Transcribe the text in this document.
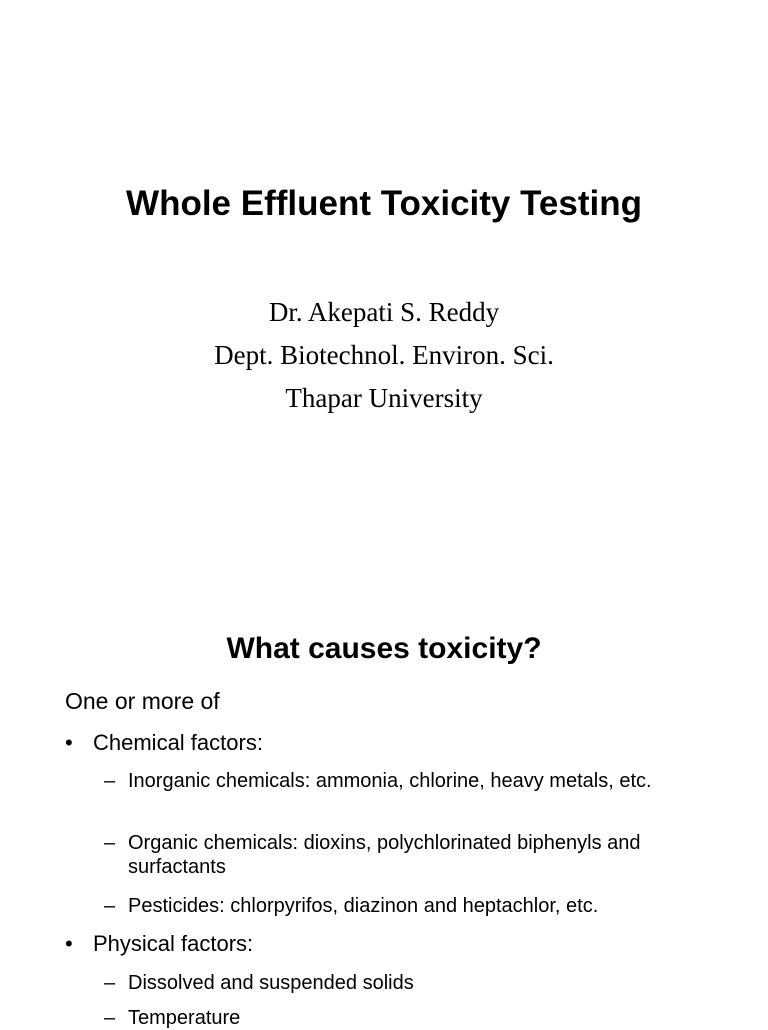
Whole Effluent Toxicity Testing
Dr. Akepati S. Reddy
Dept. Biotechnol. Environ. Sci.
Thapar University
What causes toxicity?
One or more of
• Chemical factors:
– Inorganic chemicals: ammonia, chlorine, heavy metals, etc.
– Organic chemicals: dioxins, polychlorinated biphenyls and surfactants
– Pesticides: chlorpyrifos, diazinon and heptachlor, etc.
• Physical factors:
– Dissolved and suspended solids
– Temperature
